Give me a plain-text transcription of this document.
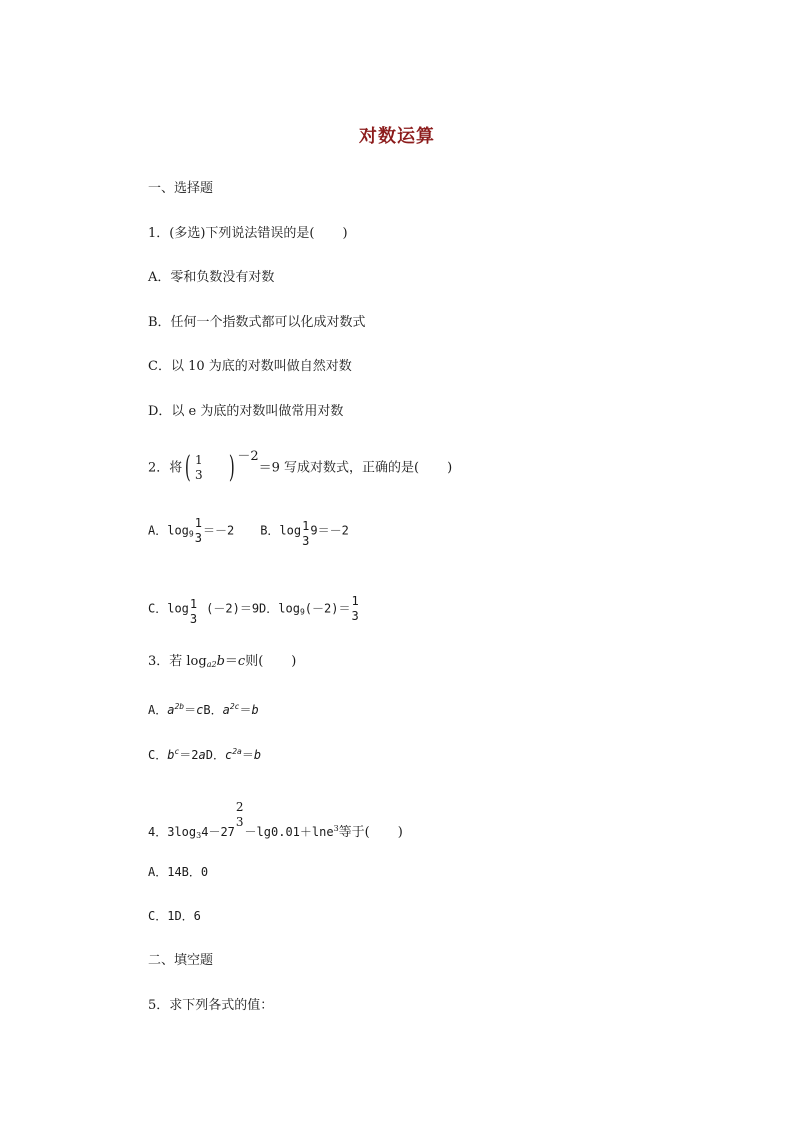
对数运算
一、选择题
1．(多选)下列说法错误的是( )
A．零和负数没有对数
B．任何一个指数式都可以化成对数式
C．以 10 为底的对数叫做自然对数
D．以 e 为底的对数叫做常用对数
2．将( 1
3 ) －2＝9 写成对数式，正确的是( )
A．$\log_9$
1
3
＝－2 B．log 1
3
9＝－2
C．log 1
3
(－2)＝9D．$\log_9(-2)=$
1
3
3．若 $\log_{a2}b=c$则( )
A．$a^{2b}=cB$．$a^{2c}=b$
C．$b^c=2aD$．$c^{2a}=b$
4．$3\log_34-27$
2
3
－lg0.01＋lne$^3$等于( )
A．14B．0
C．1D．6
二、填空题
5．求下列各式的值：
